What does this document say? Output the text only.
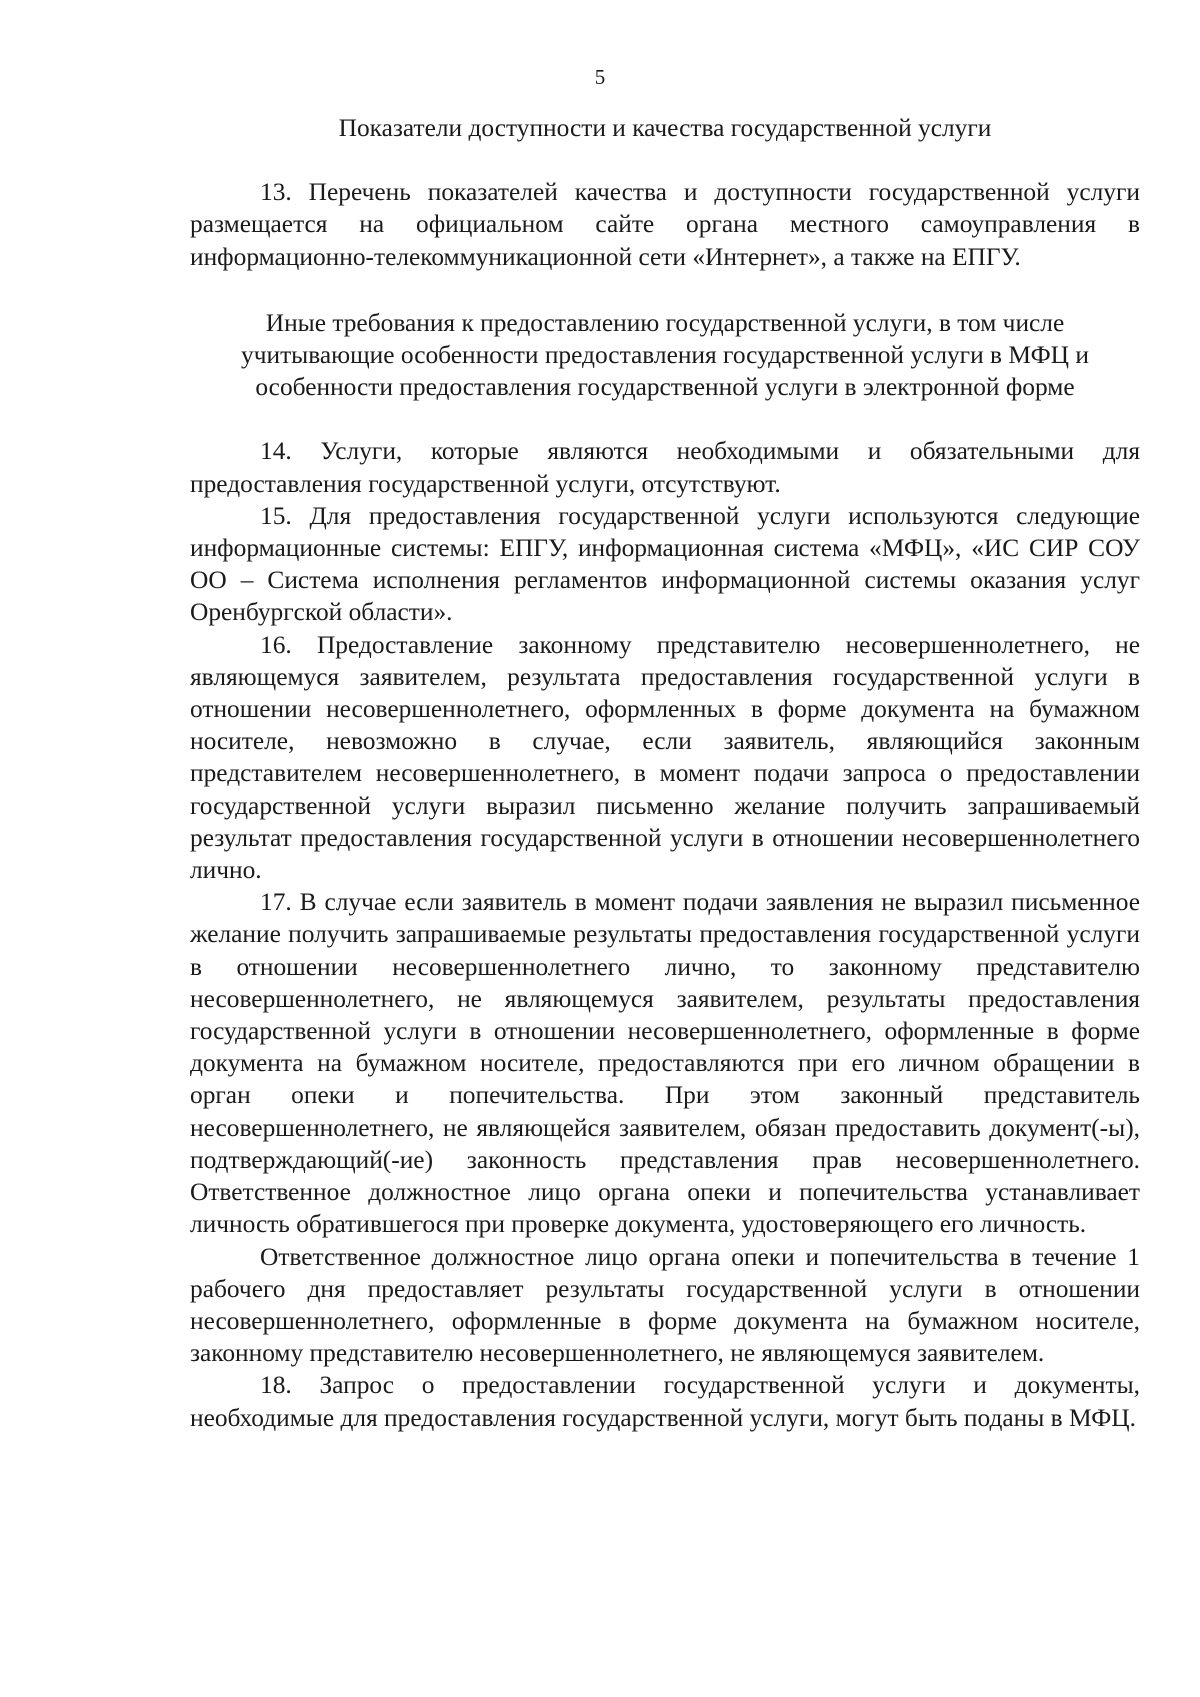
5

Показатели доступности и качества государственной услуги

13. Перечень показателей качества и доступности государственной услуги размещается на официальном сайте органа местного самоуправления в информационно-телекоммуникационной сети «Интернет», а также на ЕПГУ.

Иные требования к предоставлению государственной услуги, в том числе учитывающие особенности предоставления государственной услуги в МФЦ и особенности предоставления государственной услуги в электронной форме

14. Услуги, которые являются необходимыми и обязательными для предоставления государственной услуги, отсутствуют.

15. Для предоставления государственной услуги используются следующие информационные системы: ЕПГУ, информационная система «МФЦ», «ИС СИР СОУ ОО – Система исполнения регламентов информационной системы оказания услуг Оренбургской области».

16. Предоставление законному представителю несовершеннолетнего, не являющемуся заявителем, результата предоставления государственной услуги в отношении несовершеннолетнего, оформленных в форме документа на бумажном носителе, невозможно в случае, если заявитель, являющийся законным представителем несовершеннолетнего, в момент подачи запроса о предоставлении государственной услуги выразил письменно желание получить запрашиваемый результат предоставления государственной услуги в отношении несовершеннолетнего лично.

17. В случае если заявитель в момент подачи заявления не выразил письменное желание получить запрашиваемые результаты предоставления государственной услуги в отношении несовершеннолетнего лично, то законному представителю несовершеннолетнего, не являющемуся заявителем, результаты предоставления государственной услуги в отношении несовершеннолетнего, оформленные в форме документа на бумажном носителе, предоставляются при его личном обращении в орган опеки и попечительства. При этом законный представитель несовершеннолетнего, не являющейся заявителем, обязан предоставить документ(-ы), подтверждающий(-ие) законность представления прав несовершеннолетнего. Ответственное должностное лицо органа опеки и попечительства устанавливает личность обратившегося при проверке документа, удостоверяющего его личность.

Ответственное должностное лицо органа опеки и попечительства в течение 1 рабочего дня предоставляет результаты государственной услуги в отношении несовершеннолетнего, оформленные в форме документа на бумажном носителе, законному представителю несовершеннолетнего, не являющемуся заявителем.

18. Запрос о предоставлении государственной услуги и документы, необходимые для предоставления государственной услуги, могут быть поданы в МФЦ.
